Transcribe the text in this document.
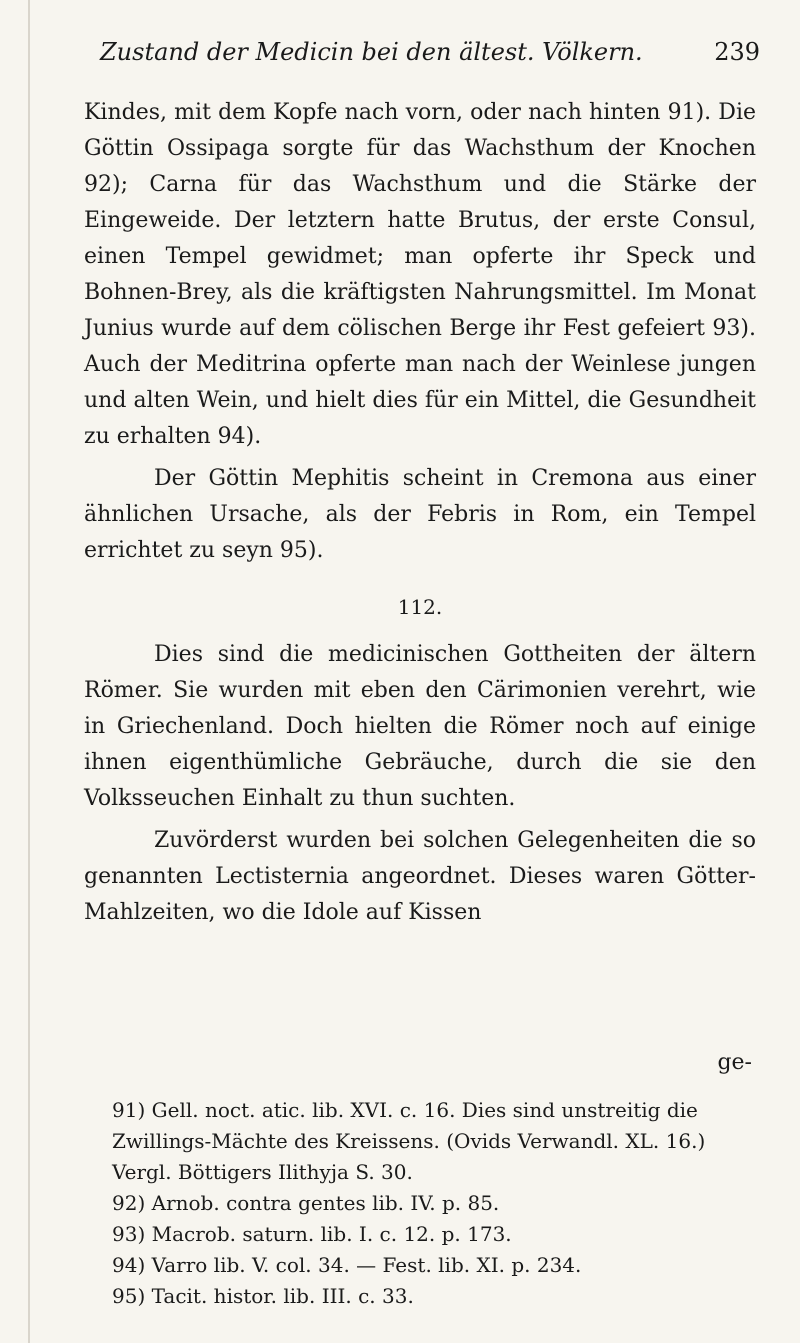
Zustand der Medicin bei den ältest. Völkern.	239

Kindes, mit dem Kopfe nach vorn, oder nach hinten 91). Die Göttin Ossipaga sorgte für das Wachsthum der Knochen 92); Carna für das Wachsthum und die Stärke der Eingeweide. Der letztern hatte Brutus, der erste Consul, einen Tempel gewidmet; man opferte ihr Speck und Bohnen-Brey, als die kräftigsten Nahrungsmittel. Im Monat Junius wurde auf dem cölischen Berge ihr Fest gefeiert 93). Auch der Meditrina opferte man nach der Weinlese jungen und alten Wein, und hielt dies für ein Mittel, die Gesundheit zu erhalten 94).

Der Göttin Mephitis scheint in Cremona aus einer ähnlichen Ursache, als der Febris in Rom, ein Tempel errichtet zu seyn 95).

112.

Dies sind die medicinischen Gottheiten der ältern Römer. Sie wurden mit eben den Cärimonien verehrt, wie in Griechenland. Doch hielten die Römer noch auf einige ihnen eigenthümliche Gebräuche, durch die sie den Volksseuchen Einhalt zu thun suchten.

Zuvörderst wurden bei solchen Gelegenheiten die so genannten Lectisternia angeordnet. Dieses waren Götter-Mahlzeiten, wo die Idole auf Kissen

ge-

91) Gell. noct. atic. lib. XVI. c. 16. Dies sind unstreitig die Zwillings-Mächte des Kreissens. (Ovids Verwandl. XL. 16.) Vergl. Böttigers Ilithyja S. 30.

92) Arnob. contra gentes lib. IV. p. 85.

93) Macrob. saturn. lib. I. c. 12. p. 173.

94) Varro lib. V. col. 34. — Fest. lib. XI. p. 234.

95) Tacit. histor. lib. III. c. 33.
